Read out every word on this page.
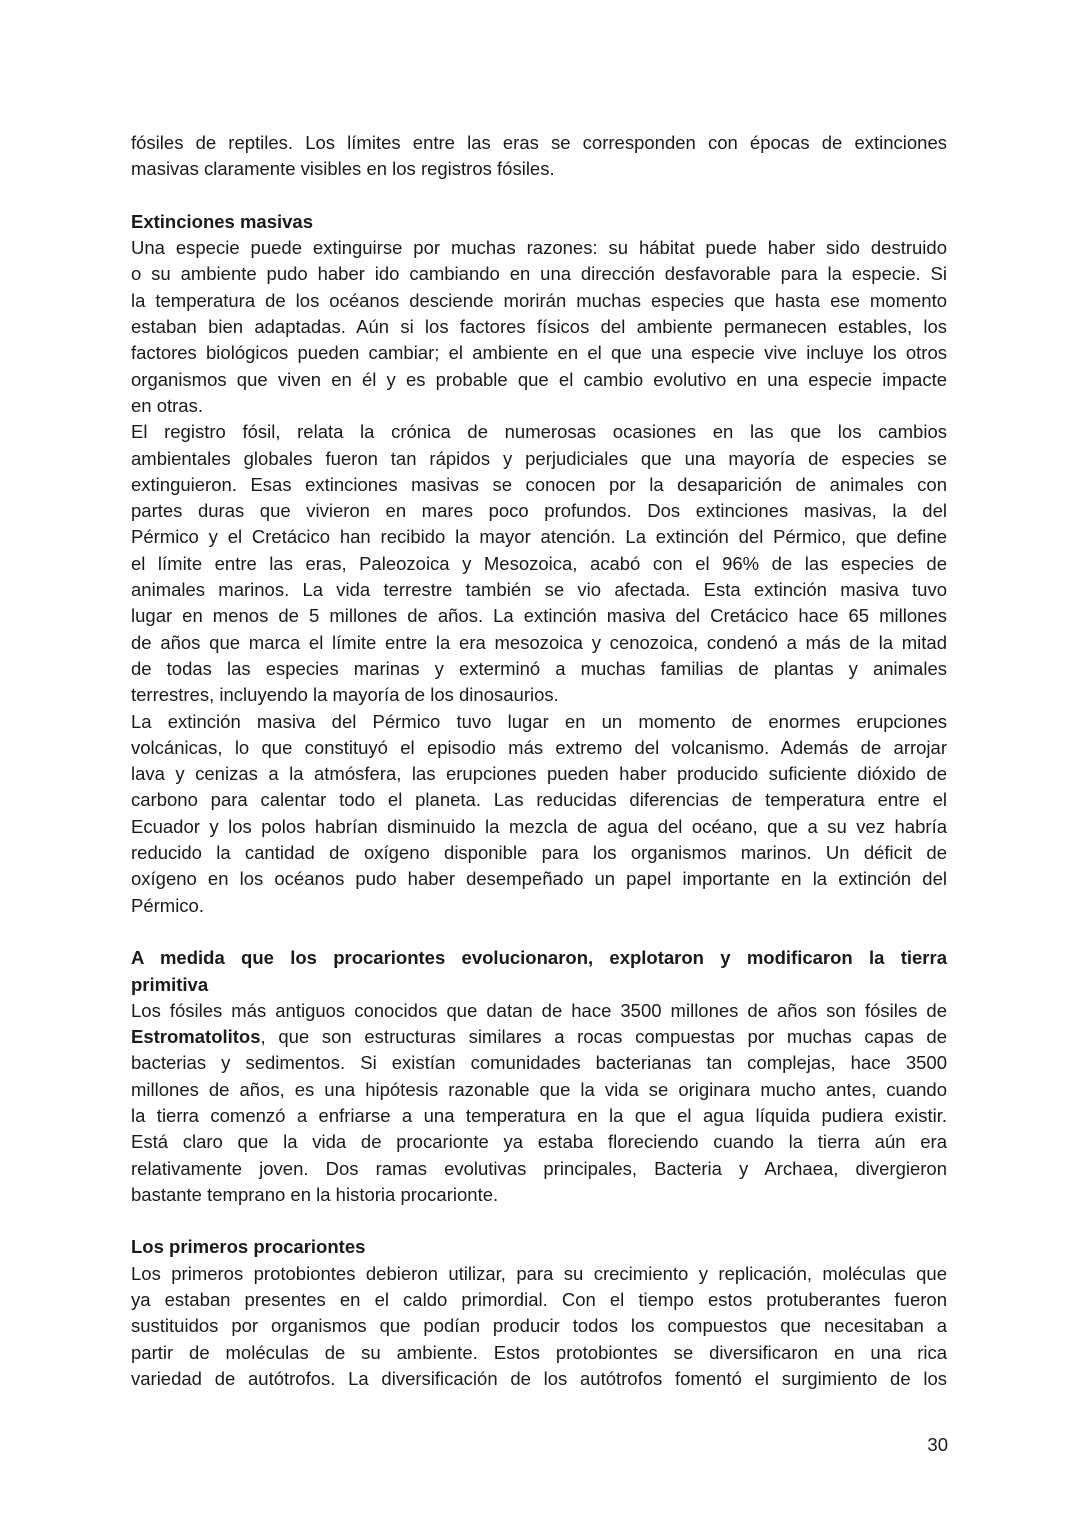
fósiles de reptiles. Los límites entre las eras se corresponden con épocas de extinciones
masivas claramente visibles en los registros fósiles.
Extinciones masivas
Una especie puede extinguirse por muchas razones: su hábitat puede haber sido destruido
o su ambiente pudo haber ido cambiando en una dirección desfavorable para la especie. Si
la temperatura de los océanos desciende morirán muchas especies que hasta ese momento
estaban bien adaptadas. Aún si los factores físicos del ambiente permanecen estables, los
factores biológicos pueden cambiar; el ambiente en el que una especie vive incluye los otros
organismos que viven en él y es probable que el cambio evolutivo en una especie impacte
en otras.
El registro fósil, relata la crónica de numerosas ocasiones en las que los cambios
ambientales globales fueron tan rápidos y perjudiciales que una mayoría de especies se
extinguieron. Esas extinciones masivas se conocen por la desaparición de animales con
partes duras que vivieron en mares poco profundos. Dos extinciones masivas, la del
Pérmico y el Cretácico han recibido la mayor atención. La extinción del Pérmico, que define
el límite entre las eras, Paleozoica y Mesozoica, acabó con el 96% de las especies de
animales marinos. La vida terrestre también se vio afectada. Esta extinción masiva tuvo
lugar en menos de 5 millones de años. La extinción masiva del Cretácico hace 65 millones
de años que marca el límite entre la era mesozoica y cenozoica, condenó a más de la mitad
de todas las especies marinas y exterminó a muchas familias de plantas y animales
terrestres, incluyendo la mayoría de los dinosaurios.
La extinción masiva del Pérmico tuvo lugar en un momento de enormes erupciones
volcánicas, lo que constituyó el episodio más extremo del volcanismo. Además de arrojar
lava y cenizas a la atmósfera, las erupciones pueden haber producido suficiente dióxido de
carbono para calentar todo el planeta. Las reducidas diferencias de temperatura entre el
Ecuador y los polos habrían disminuido la mezcla de agua del océano, que a su vez habría
reducido la cantidad de oxígeno disponible para los organismos marinos. Un déficit de
oxígeno en los océanos pudo haber desempeñado un papel importante en la extinción del
Pérmico.
A medida que los procariontes evolucionaron, explotaron y modificaron la tierra
primitiva
Los fósiles más antiguos conocidos que datan de hace 3500 millones de años son fósiles de
Estromatolitos, que son estructuras similares a rocas compuestas por muchas capas de
bacterias y sedimentos. Si existían comunidades bacterianas tan complejas, hace 3500
millones de años, es una hipótesis razonable que la vida se originara mucho antes, cuando
la tierra comenzó a enfriarse a una temperatura en la que el agua líquida pudiera existir.
Está claro que la vida de procarionte ya estaba floreciendo cuando la tierra aún era
relativamente joven. Dos ramas evolutivas principales, Bacteria y Archaea, divergieron
bastante temprano en la historia procarionte.
Los primeros procariontes
Los primeros protobiontes debieron utilizar, para su crecimiento y replicación, moléculas que
ya estaban presentes en el caldo primordial. Con el tiempo estos protuberantes fueron
sustituidos por organismos que podían producir todos los compuestos que necesitaban a
partir de moléculas de su ambiente. Estos protobiontes se diversificaron en una rica
variedad de autótrofos. La diversificación de los autótrofos fomentó el surgimiento de los
30
